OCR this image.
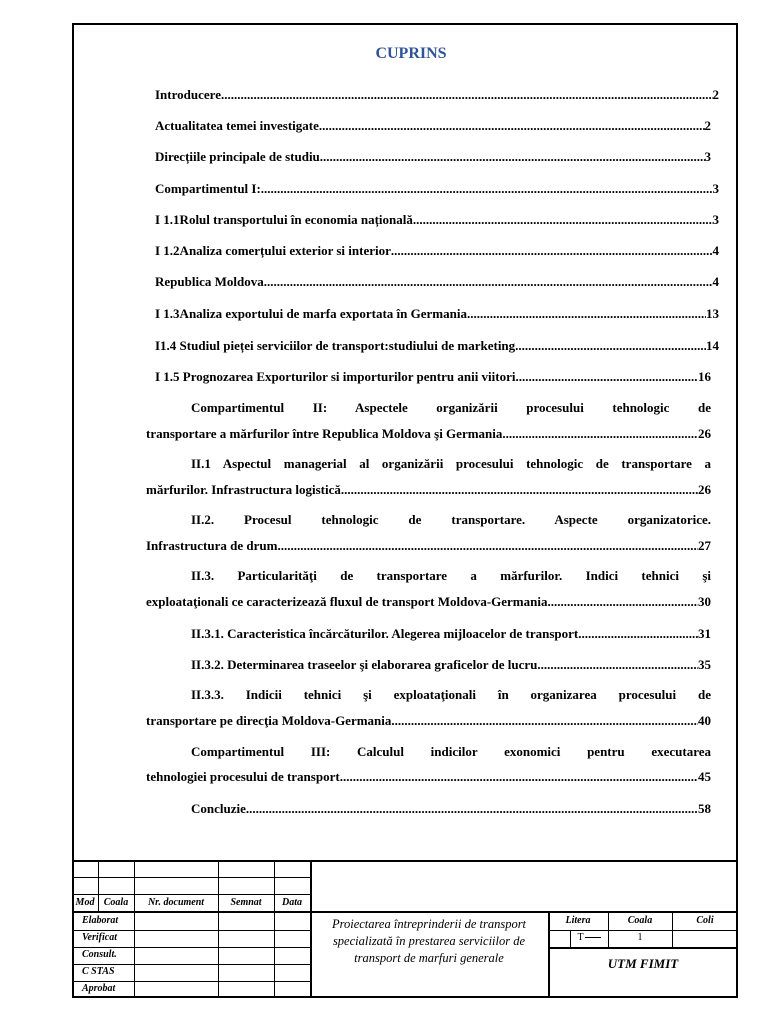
CUPRINS
Introducere .....	2
Actualitatea temei investigate .....	2
Direcțiile principale de studiu .....	3
Compartimentul I: .....	3
I 1.1Rolul transportului în economia națională .....	3
I 1.2Analiza comerțului exterior si interior .....	4
Republica Moldova .....	4
I 1.3Analiza exportului de marfa exportata în Germania .....	13
I1.4 Studiul pieței serviciilor de transport:studiului de marketing .....	14
I 1.5 Prognozarea Exporturilor si importurilor pentru anii viitori .....	16
Compartimentul II: Aspectele organizării procesului tehnologic de
transportare a mărfurilor între Republica Moldova şi Germania .....	26
II.1 Aspectul managerial al organizării procesului tehnologic de transportare a
mărfurilor. Infrastructura logistică .....	26
II.2. Procesul tehnologic de transportare. Aspecte organizatorice.
Infrastructura de drum .....	27
II.3. Particularităţi de transportare a mărfurilor. Indici tehnici şi
exploataţionali ce caracterizează fluxul de transport Moldova-Germania .....	30
II.3.1. Caracteristica încărcăturilor. Alegerea mijloacelor de transport .....	31
II.3.2. Determinarea traseelor şi elaborarea graficelor de lucru .....	35
II.3.3. Indicii tehnici şi exploataţionali în organizarea procesului de
transportare pe direcţia Moldova-Germania .....	40
Compartimentul III: Calculul indicilor exonomici pentru executarea
tehnologiei procesului de transport .....	45
Concluzie .....	58
Mod Coala	Nr. document	Semnat	Data
Elaborat
Verificat
Consult.
C STAS
Aprobat
Proiectarea întreprinderii de transport specializată în prestarea serviciilor de transport de marfuri generale
Litera	Coala	Coli
T	1
UTM FIMIT
